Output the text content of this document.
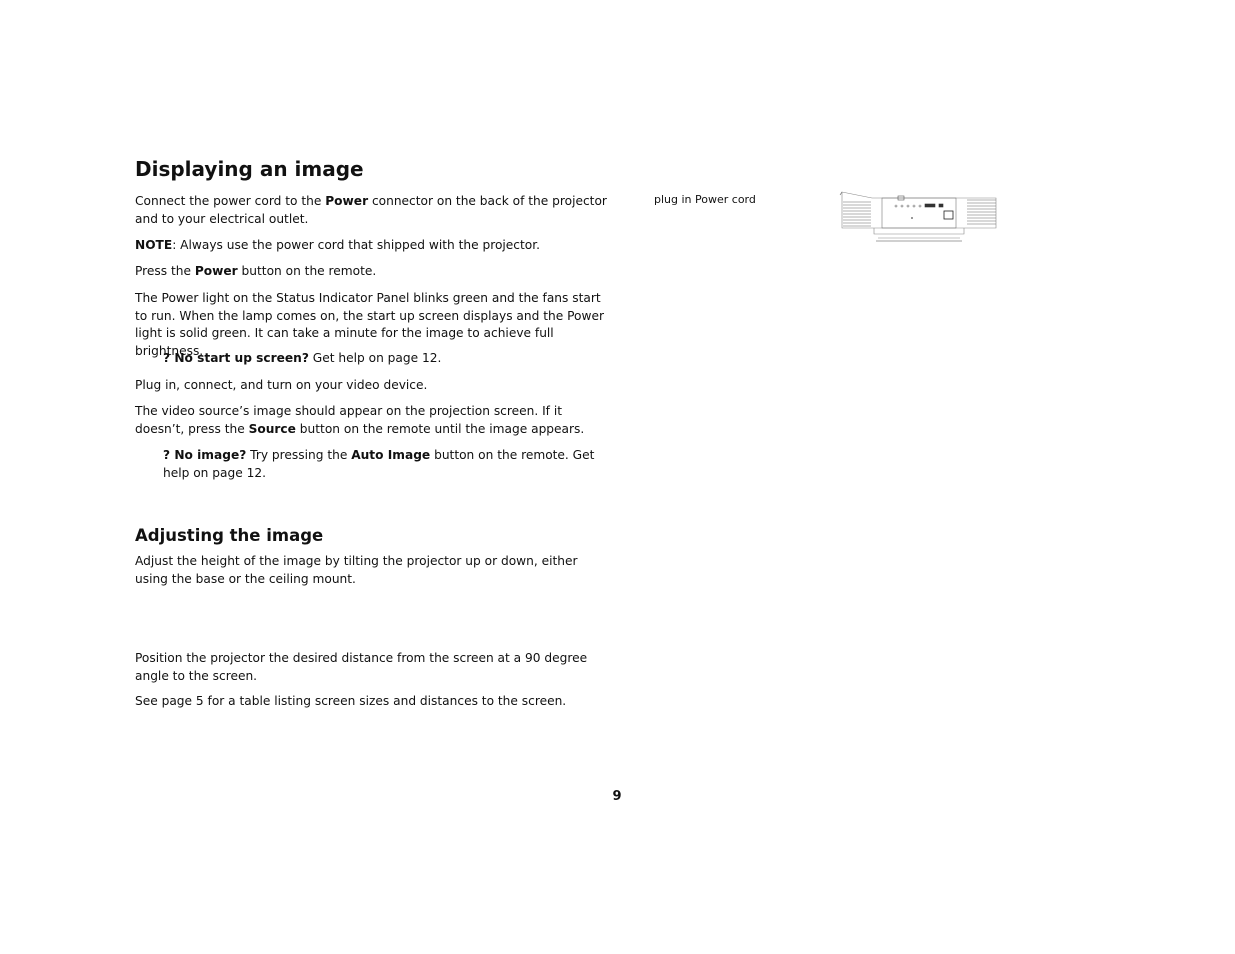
Displaying an image

Connect the power cord to the Power connector on the back of the projector and to your electrical outlet.

NOTE: Always use the power cord that shipped with the projector.

Press the Power button on the remote.

The Power light on the Status Indicator Panel blinks green and the fans start to run. When the lamp comes on, the start up screen displays and the Power light is solid green. It can take a minute for the image to achieve full brightness.

? No start up screen? Get help on page 12.

Plug in, connect, and turn on your video device.

The video source’s image should appear on the projection screen. If it doesn’t, press the Source button on the remote until the image appears.

? No image? Try pressing the Auto Image button on the remote. Get help on page 12.

Adjusting the image

Adjust the height of the image by tilting the projector up or down, either using the base or the ceiling mount.

Position the projector the desired distance from the screen at a 90 degree angle to the screen.

See page 5 for a table listing screen sizes and distances to the screen.

plug in Power cord
9
